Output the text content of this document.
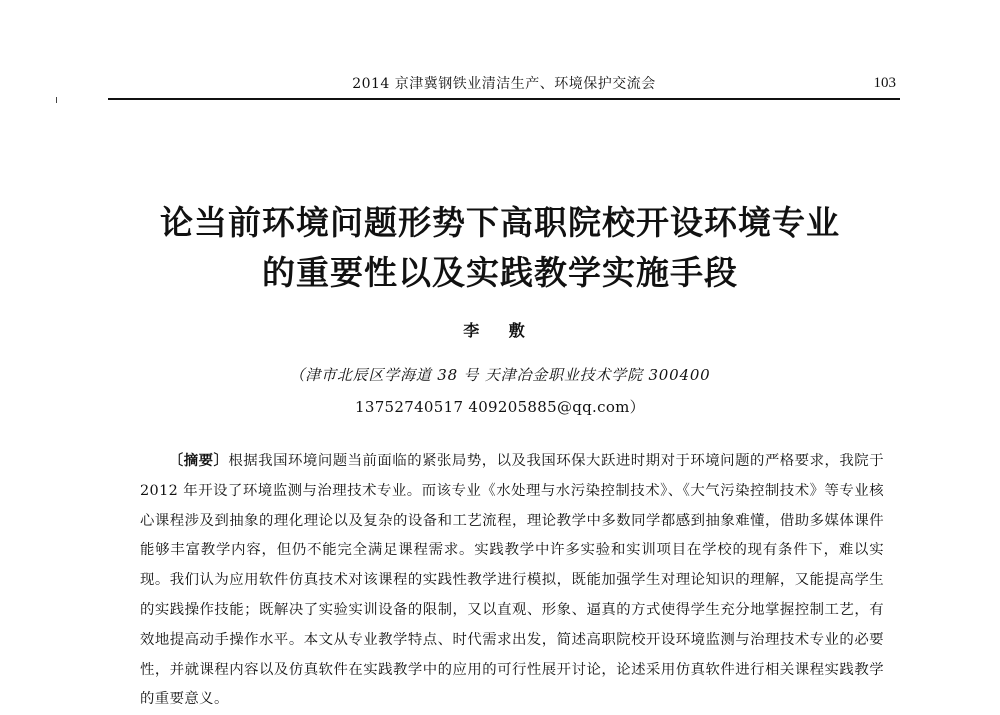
2014 京津冀钢铁业清洁生产、环境保护交流会	103
论当前环境问题形势下高职院校开设环境专业
的重要性以及实践教学实施手段
李 敷
（津市北辰区学海道 38 号 天津冶金职业技术学院 300400
13752740517 409205885@qq.com）

〔摘要〕根据我国环境问题当前面临的紧张局势，以及我国环保大跃进时期对于环境问题的严格要求，我院于 2012 年开设了环境监测与治理技术专业。而该专业《水处理与水污染控制技术》、《大气污染控制技术》等专业核心课程涉及到抽象的理化理论以及复杂的设备和工艺流程，理论教学中多数同学都感到抽象难懂，借助多媒体课件能够丰富教学内容，但仍不能完全满足课程需求。实践教学中许多实验和实训项目在学校的现有条件下，难以实现。我们认为应用软件仿真技术对该课程的实践性教学进行模拟，既能加强学生对理论知识的理解，又能提高学生的实践操作技能；既解决了实验实训设备的限制，又以直观、形象、逼真的方式使得学生充分地掌握控制工艺，有效地提高动手操作水平。本文从专业教学特点、时代需求出发，简述高职院校开设环境监测与治理技术专业的必要性，并就课程内容以及仿真软件在实践教学中的应用的可行性展开讨论，论述采用仿真软件进行相关课程实践教学的重要意义。
